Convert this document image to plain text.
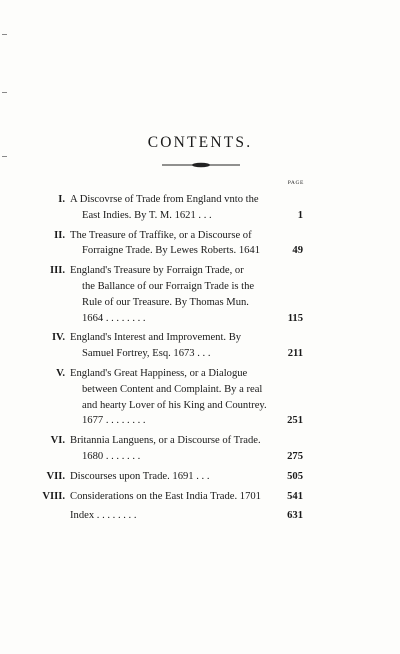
CONTENTS.
PAGE
I. A Discovrse of Trade from England vnto the
East Indies. By T. M. 1621 . . .	1
II. The Treasure of Traffike, or a Discourse of
Forraigne Trade. By Lewes Roberts. 1641	49
III. England's Treasure by Forraign Trade, or
the Ballance of our Forraign Trade is the
Rule of our Treasure. By Thomas Mun.
1664 . . . . . . . .	115
IV. England's Interest and Improvement. By
Samuel Fortrey, Esq. 1673 . . .	211
V. England's Great Happiness, or a Dialogue
between Content and Complaint. By a real
and hearty Lover of his King and Countrey.
1677 . . . . . . . .	251
VI. Britannia Languens, or a Discourse of Trade.
1680 . . . . . . .	275
VII. Discourses upon Trade. 1691 . . .	505
VIII. Considerations on the East India Trade. 1701	541
Index . . . . . . . .	631
